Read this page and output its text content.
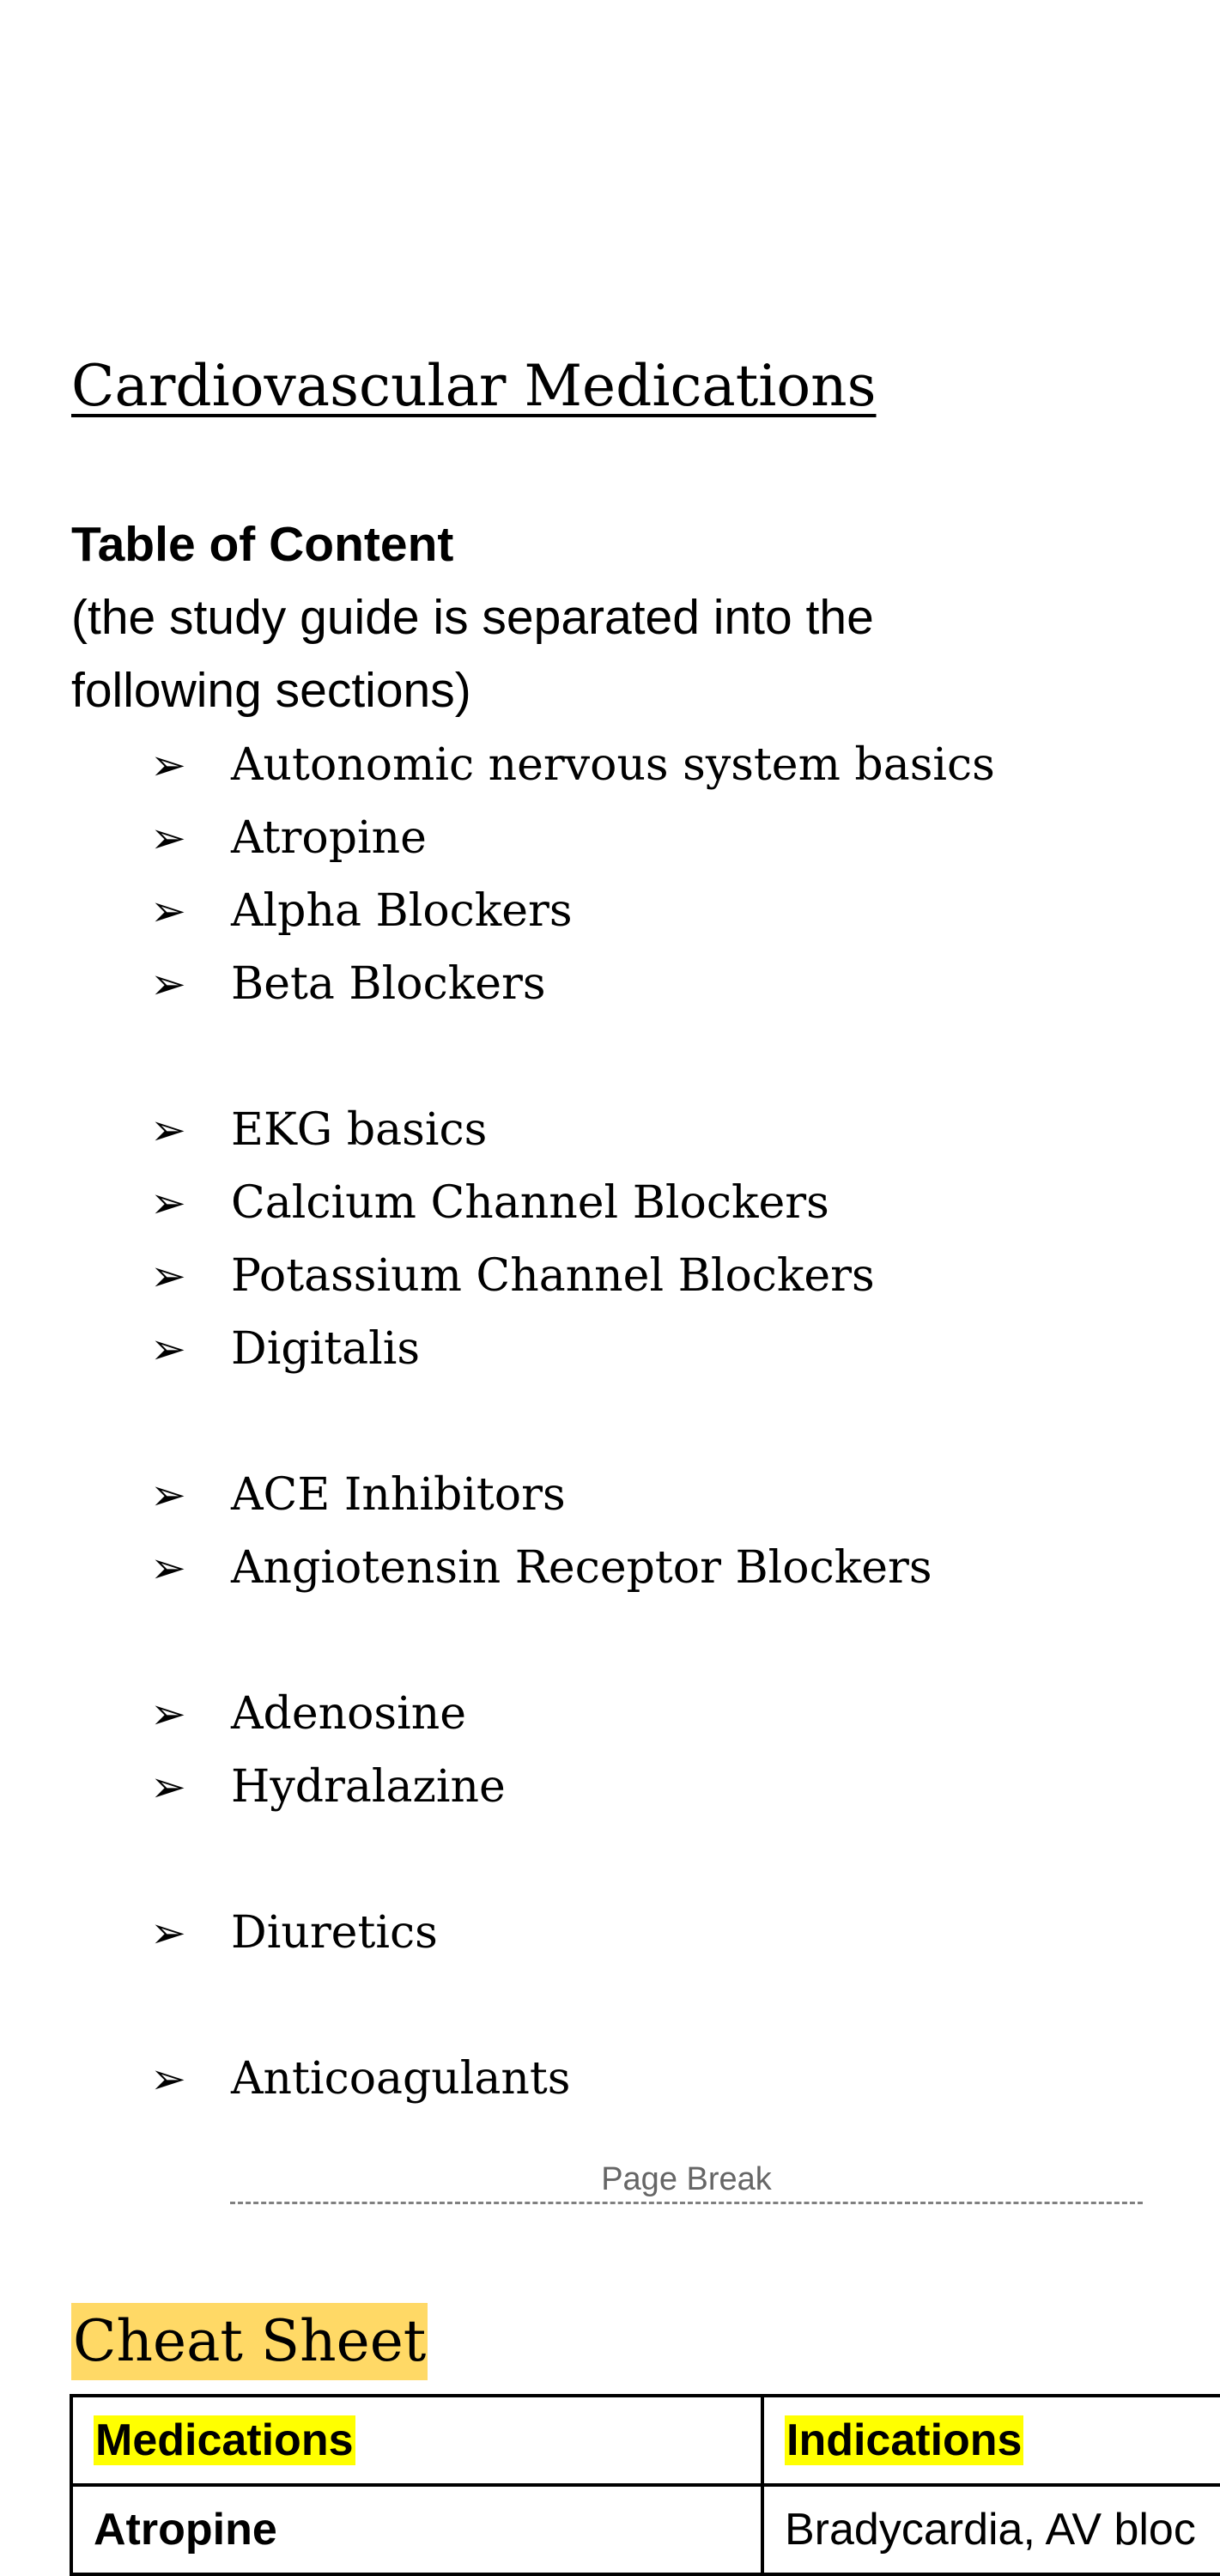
Cardiovascular Medications
Table of Content
(the study guide is separated into the following sections)
➢	Autonomic nervous system basics
➢	Atropine
➢	Alpha Blockers
➢	Beta Blockers
➢	EKG basics
➢	Calcium Channel Blockers
➢	Potassium Channel Blockers
➢	Digitalis
➢	ACE Inhibitors
➢	Angiotensin Receptor Blockers
➢	Adenosine
➢	Hydralazine
➢	Diuretics
➢	Anticoagulants
Page Break
Cheat Sheet
Medications	Indications
Atropine	Bradycardia, AV bloc
